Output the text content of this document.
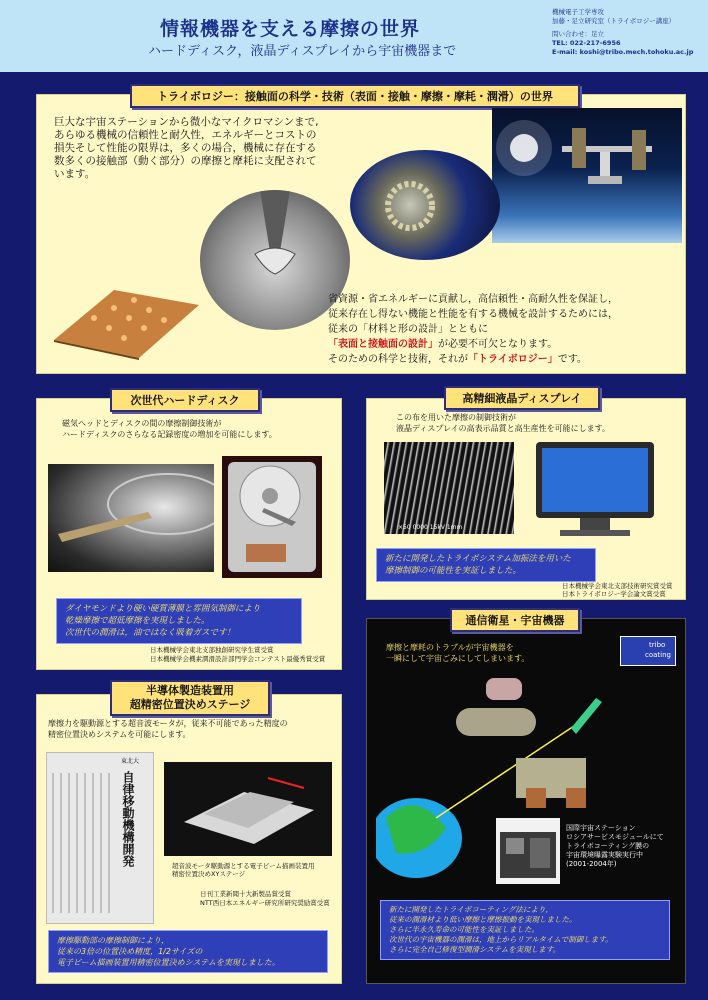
情報機器を支える摩擦の世界
ハードディスク，液晶ディスプレイから宇宙機器まで
機械電子工学専攻
加藤・足立研究室（トライボロジー講座）
問い合わせ：足立
TEL: 022-217-6956
E-mail: koshi@tribo.mech.tohoku.ac.jp
トライボロジー：接触面の科学・技術（表面・接触・摩擦・摩耗・潤滑）の世界
巨大な宇宙ステーションから微小なマイクロマシンまで,
あらゆる機械の信頼性と耐久性，エネルギーとコストの
損失そして性能の限界は，多くの場合，機械に存在する
数多くの接触部（動く部分）の摩擦と摩耗に支配されて
います。
省資源・省エネルギーに貢献し，高信頼性・高耐久性を保証し，
従来存在し得ない機能と性能を有する機械を設計するためには，
従来の「材料と形の設計」とともに
「表面と接触面の設計」が必要不可欠となります。
そのための科学と技術，それが「トライボロジー」です。
次世代ハードディスク
磁気ヘッドとディスクの間の摩擦制御技術が
ハードディスクのさらなる記録密度の増加を可能にします。
ダイヤモンドより硬い硬質薄膜と雰囲気制御により
乾燥摩擦で超低摩擦を実現しました。
次世代の潤滑は，油ではなく吸着ガスです！
日本機械学会東北支部独創研究学生賞受賞
日本機械学会機素潤滑設計部門学会コンテスト最優秀賞受賞
高精細液晶ディスプレイ
この布を用いた摩擦の制御技術が
液晶ディスプレイの高表示品質と高生産性を可能にします。
×50 0000 15kV 1mm
新たに開発したトライボシステム加振法を用いた
摩擦制御の可能性を実証しました。
日本機械学会東北支部技術研究賞受賞
日本トライボロジー学会論文賞受賞
通信衛星・宇宙機器
摩擦と摩耗のトラブルが宇宙機器を
一瞬にして宇宙ごみにしてしまいます。
tribo
coating
国際宇宙ステーション
ロシアサービスモジュールにて
トライボコーティング膜の
宇宙環境曝露実験実行中
(2001-2004年)
新たに開発したトライボコーティング法により，
従来の潤滑材より低い摩擦と摩擦振動を実現しました。
さらに半永久寿命の可能性を実証しました。
次世代の宇宙機器の潤滑は，地上からリアルタイムで制御します。
さらに完全自己修復型潤滑システムを実現します。
半導体製造装置用
超精密位置決めステージ
摩擦力を駆動源とする超音波モータが，従来不可能であった精度の
精密位置決めシステムを可能にします。
東北大
自律移動機構開発	超音波モータ駆動源とする電子ビーム描画装置用
精密位置決めXYステージ
日刊工業新聞十大新製品賞受賞
NTT西日本エネルギー研究所研究奨励賞受賞
摩擦駆動部の摩擦制御により，
従来の3倍の位置決め精度，1/2サイズの
電子ビーム描画装置用精密位置決めシステムを実現しました。
